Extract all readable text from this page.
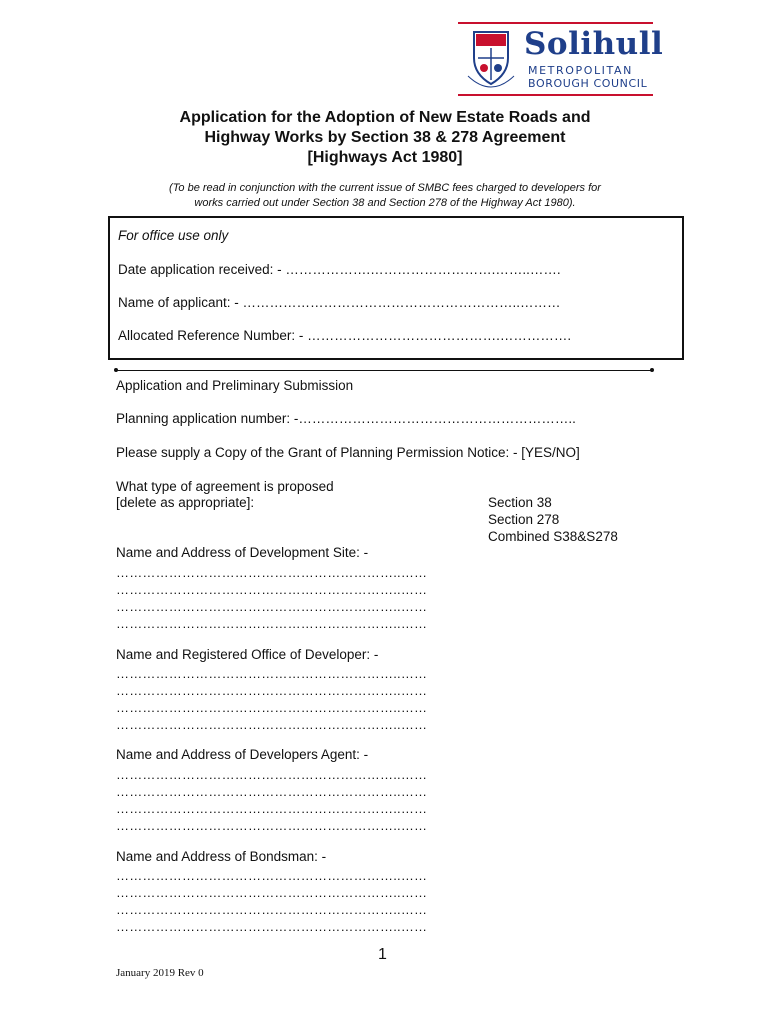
Solihull
METROPOLITAN
BOROUGH COUNCIL
Application for the Adoption of New Estate Roads and
Highway Works by Section 38 & 278 Agreement
[Highways Act 1980]
(To be read in conjunction with the current issue of SMBC fees charged to developers for
works carried out under Section 38 and Section 278 of the Highway Act 1980).
For office use only
Date application received: - ……………….……………………….……..…….
Name of applicant: - ……………………………………………………..………
Allocated Reference Number: - …………………………………….…………….
Application and Preliminary Submission
Planning application number: -……………………………………………………..
Please supply a Copy of the Grant of Planning Permission Notice: - [YES/NO]
What type of agreement is proposed
[delete as appropriate]:	Section 38
Section 278
Combined S38&S278
Name and Address of Development Site: -
………………………………………………………..……
………………………………………………………..……
………………………………………………………..……
………………………………………………………..……
Name and Registered Office of Developer: -
………………………………………………………..……
………………………………………………………..……
………………………………………………………..……
………………………………………………………..……
Name and Address of Developers Agent: -
………………………………………………………..……
………………………………………………………..……
………………………………………………………..……
………………………………………………………..……
Name and Address of Bondsman: -
………………………………………………………..……
………………………………………………………..……
………………………………………………………..……
………………………………………………………..……
1
January 2019 Rev 0
